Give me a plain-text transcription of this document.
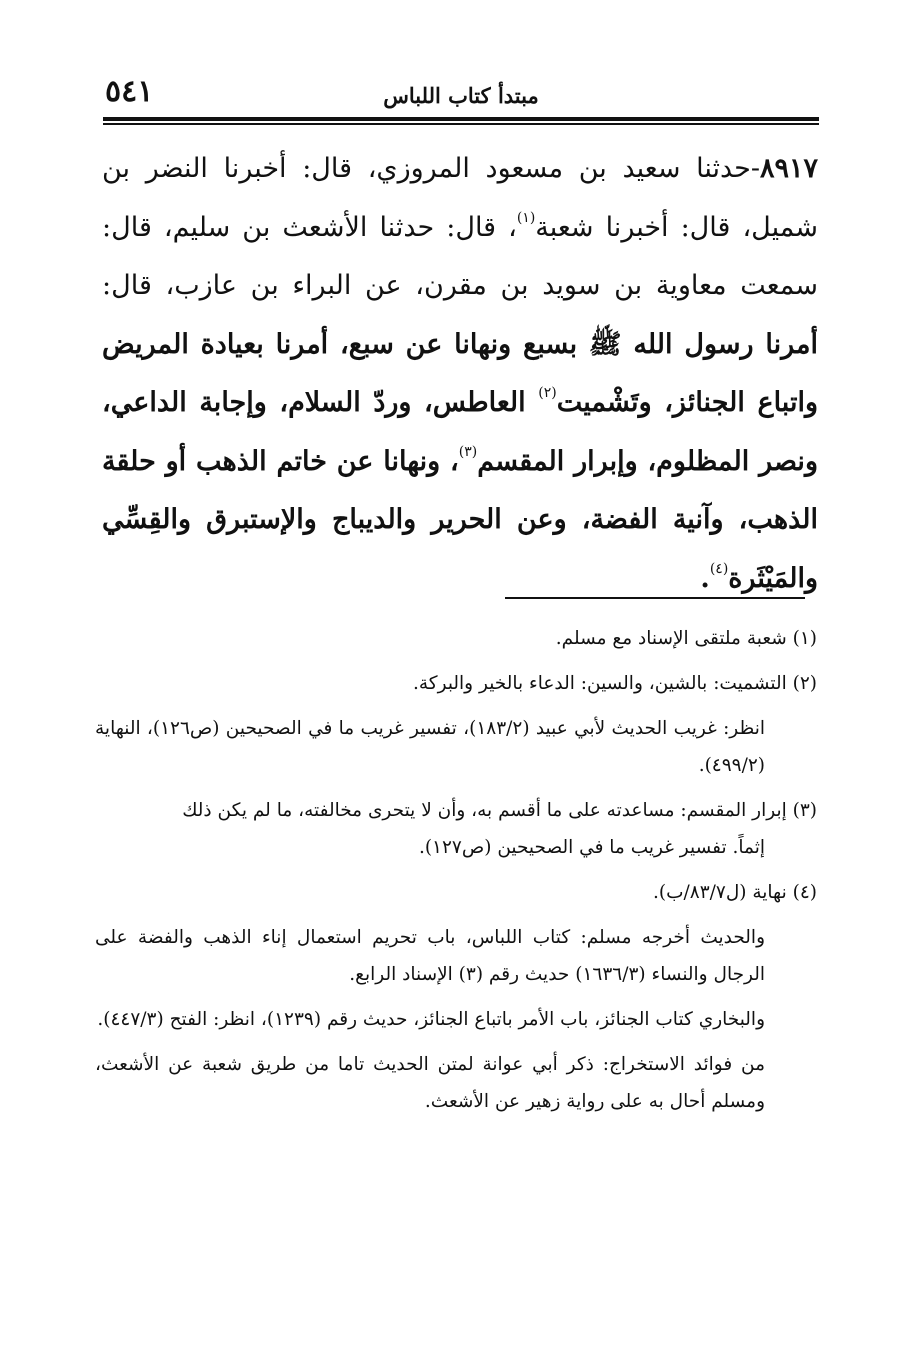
٥٤١	مبتدأ كتاب اللباس
٨٩١٧-حدثنا سعيد بن مسعود المروزي، قال: أخبرنا النضر بن شميل، قال: أخبرنا شعبة$^{(١)}$، قال: حدثنا الأشعث بن سليم، قال: سمعت معاوية بن سويد بن مقرن، عن البراء بن عازب، قال: أمرنا رسول الله ﷺ بسبع ونهانا عن سبع، أمرنا بعيادة المريض واتباع الجنائز، وتَشْميت$^{(٢)}$ العاطس، وردّ السلام، وإجابة الداعي، ونصر المظلوم، وإبرار المقسم$^{(٣)}$، ونهانا عن خاتم الذهب أو حلقة الذهب، وآنية الفضة، وعن الحرير والديباج والإستبرق والقِسِّي والمَيْثَرة$^{(٤)}$.

(١) شعبة ملتقى الإسناد مع مسلم.

(٢) التشميت: بالشين، والسين: الدعاء بالخير والبركة.

انظر: غريب الحديث لأبي عبيد (١٨٣/٢)، تفسير غريب ما في الصحيحين (ص١٢٦)، النهاية (٤٩٩/٢).

(٣) إبرار المقسم: مساعدته على ما أقسم به، وأن لا يتحرى مخالفته، ما لم يكن ذلك

إثماً. تفسير غريب ما في الصحيحين (ص١٢٧).

(٤) نهاية (ل٨٣/٧/ب).

والحديث أخرجه مسلم: كتاب اللباس، باب تحريم استعمال إناء الذهب والفضة على الرجال والنساء (١٦٣٦/٣) حديث رقم (٣) الإسناد الرابع.

والبخاري كتاب الجنائز، باب الأمر باتباع الجنائز، حديث رقم (١٢٣٩)، انظر: الفتح (٤٤٧/٣).

من فوائد الاستخراج: ذكر أبي عوانة لمتن الحديث تاما من طريق شعبة عن الأشعث، ومسلم أحال به على رواية زهير عن الأشعث.
